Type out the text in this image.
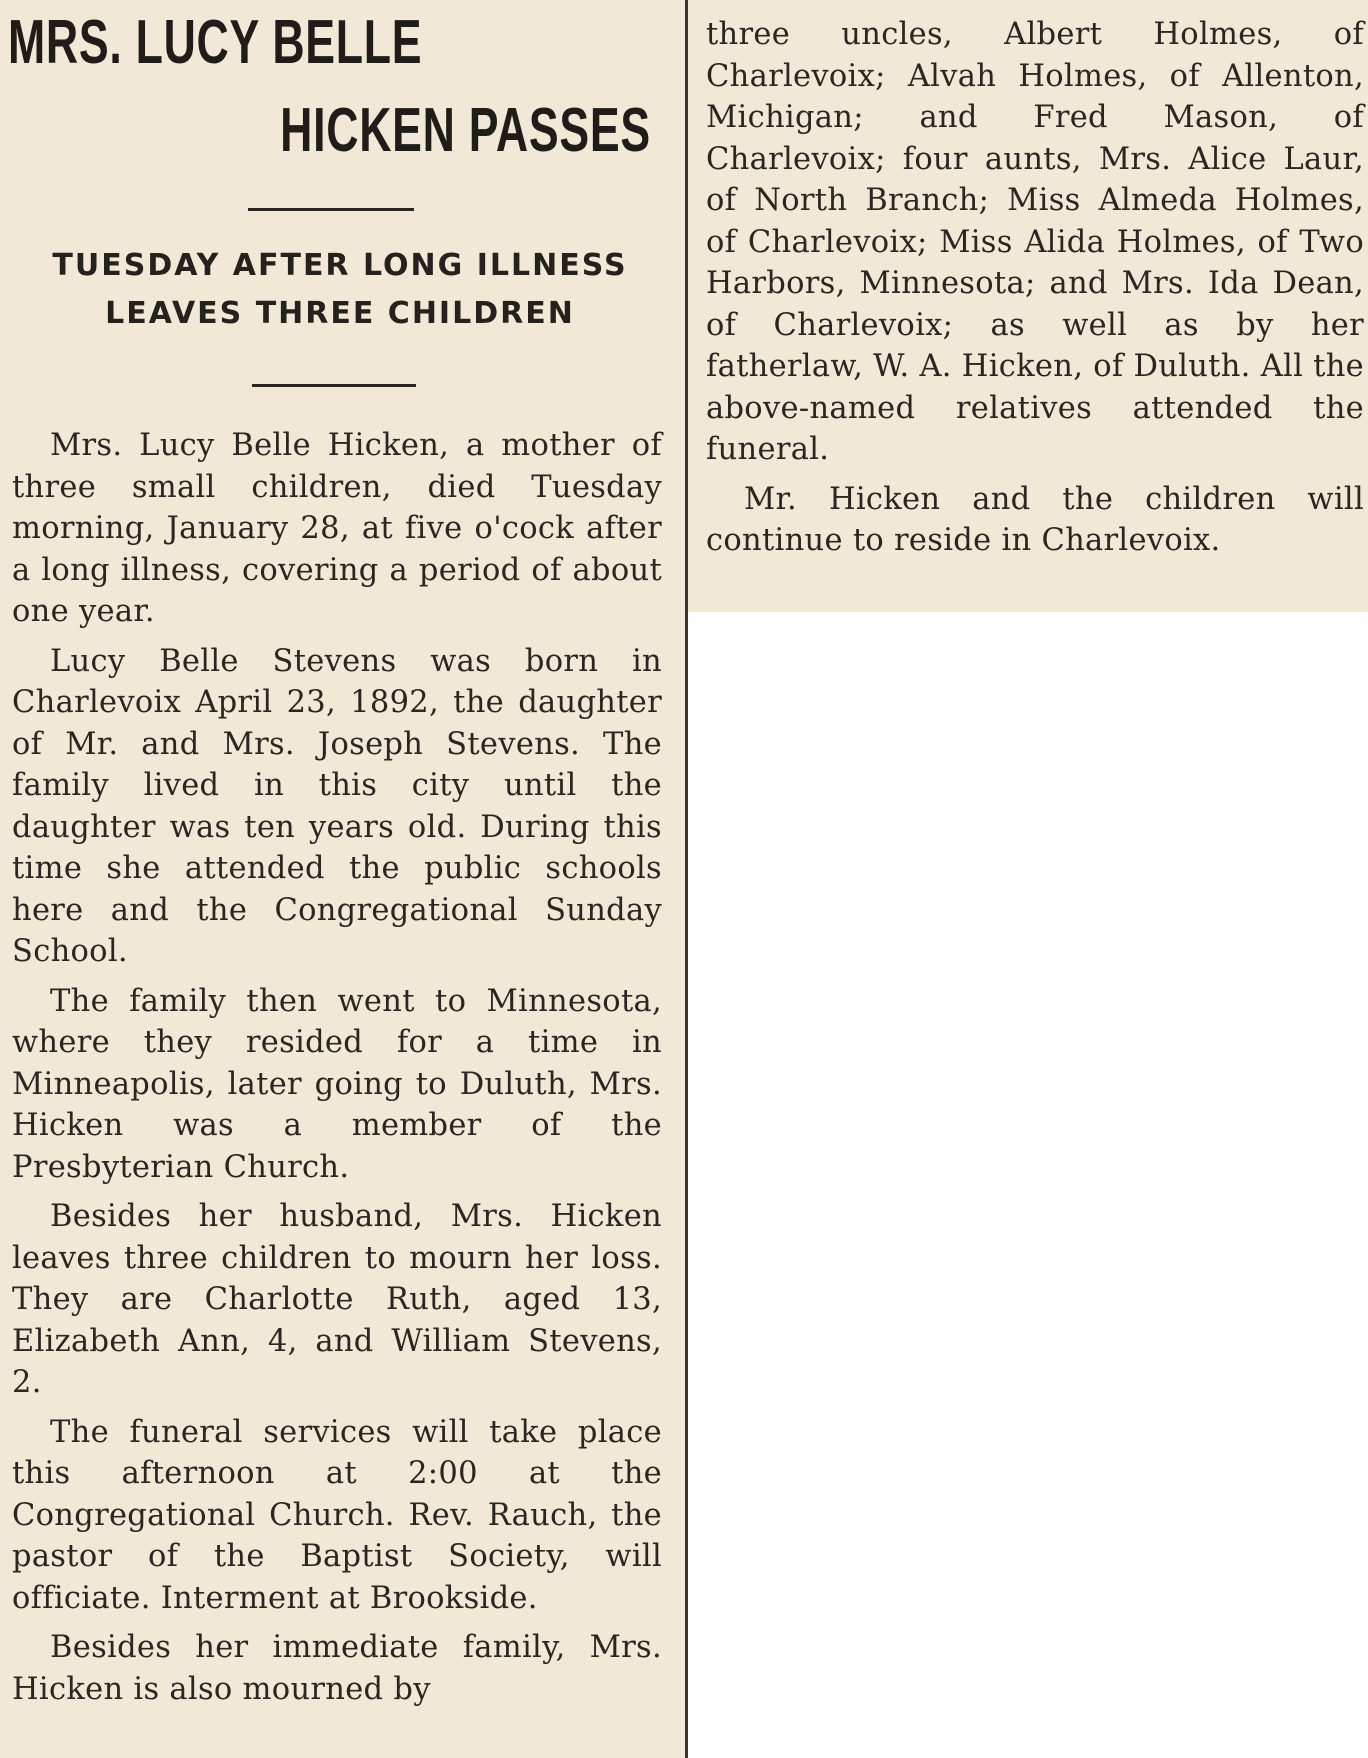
MRS. LUCY BELLE
HICKEN PASSES
TUESDAY AFTER LONG ILLNESS
LEAVES THREE CHILDREN

Mrs. Lucy Belle Hicken, a mother of three small children, died Tuesday morning, January 28, at five o'cock after a long illness, covering a period of about one year.

Lucy Belle Stevens was born in Charlevoix April 23, 1892, the daughter of Mr. and Mrs. Joseph Stevens. The family lived in this city until the daughter was ten years old. During this time she attended the public schools here and the Congregational Sunday School.

The family then went to Minnesota, where they resided for a time in Minneapolis, later going to Duluth, Mrs. Hicken was a member of the Presbyterian Church.

Besides her husband, Mrs. Hicken leaves three children to mourn her loss. They are Charlotte Ruth, aged 13, Elizabeth Ann, 4, and William Stevens, 2.

The funeral services will take place this afternoon at 2:00 at the Congregational Church. Rev. Rauch, the pastor of the Baptist Society, will officiate. Interment at Brookside.

Besides her immediate family, Mrs. Hicken is also mourned by

three uncles, Albert Holmes, of Charlevoix; Alvah Holmes, of Allenton, Michigan; and Fred Mason, of Charlevoix; four aunts, Mrs. Alice Laur, of North Branch; Miss Almeda Holmes, of Charlevoix; Miss Alida Holmes, of Two Harbors, Minnesota; and Mrs. Ida Dean, of Charlevoix; as well as by her fatherlaw, W. A. Hicken, of Duluth. All the above-named relatives attended the funeral.

Mr. Hicken and the children will continue to reside in Charlevoix.
